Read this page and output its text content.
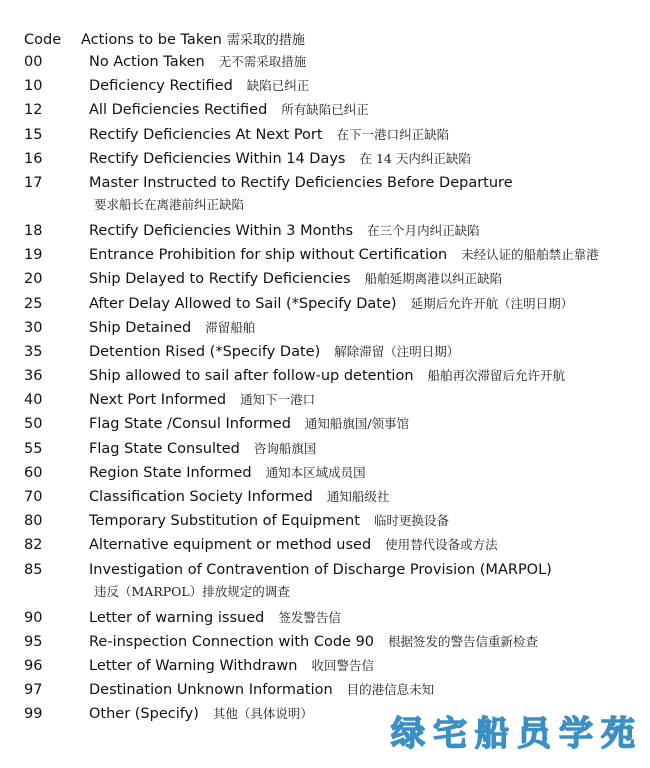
Code Actions to be Taken 需采取的措施
00	No Action Taken 无不需采取措施
10	Deficiency Rectified 缺陷已纠正
12	All Deficiencies Rectified 所有缺陷已纠正
15	Rectify Deficiencies At Next Port 在下一港口纠正缺陷
16	Rectify Deficiencies Within 14 Days 在 14 天内纠正缺陷
17	Master Instructed to Rectify Deficiencies Before Departure
要求船长在离港前纠正缺陷
18	Rectify Deficiencies Within 3 Months 在三个月内纠正缺陷
19	Entrance Prohibition for ship without Certification 未经认证的船舶禁止靠港
20	Ship Delayed to Rectify Deficiencies 船舶延期离港以纠正缺陷
25	After Delay Allowed to Sail (*Specify Date) 延期后允许开航（注明日期）
30	Ship Detained 滞留船舶
35	Detention Rised (*Specify Date) 解除滞留（注明日期）
36	Ship allowed to sail after follow-up detention 船舶再次滞留后允许开航
40	Next Port Informed 通知下一港口
50	Flag State /Consul Informed 通知船旗国/领事馆
55	Flag State Consulted 咨询船旗国
60	Region State Informed 通知本区域成员国
70	Classification Society Informed 通知船级社
80	Temporary Substitution of Equipment 临时更换设备
82	Alternative equipment or method used 使用替代设备或方法
85	Investigation of Contravention of Discharge Provision (MARPOL)
违反（MARPOL）排放规定的调查
90	Letter of warning issued 签发警告信
95	Re-inspection Connection with Code 90 根据签发的警告信重新检查
96	Letter of Warning Withdrawn 收回警告信
97	Destination Unknown Information 目的港信息未知
99	Other (Specify) 其他（具体说明） 绿 宅 船 员 学 苑
